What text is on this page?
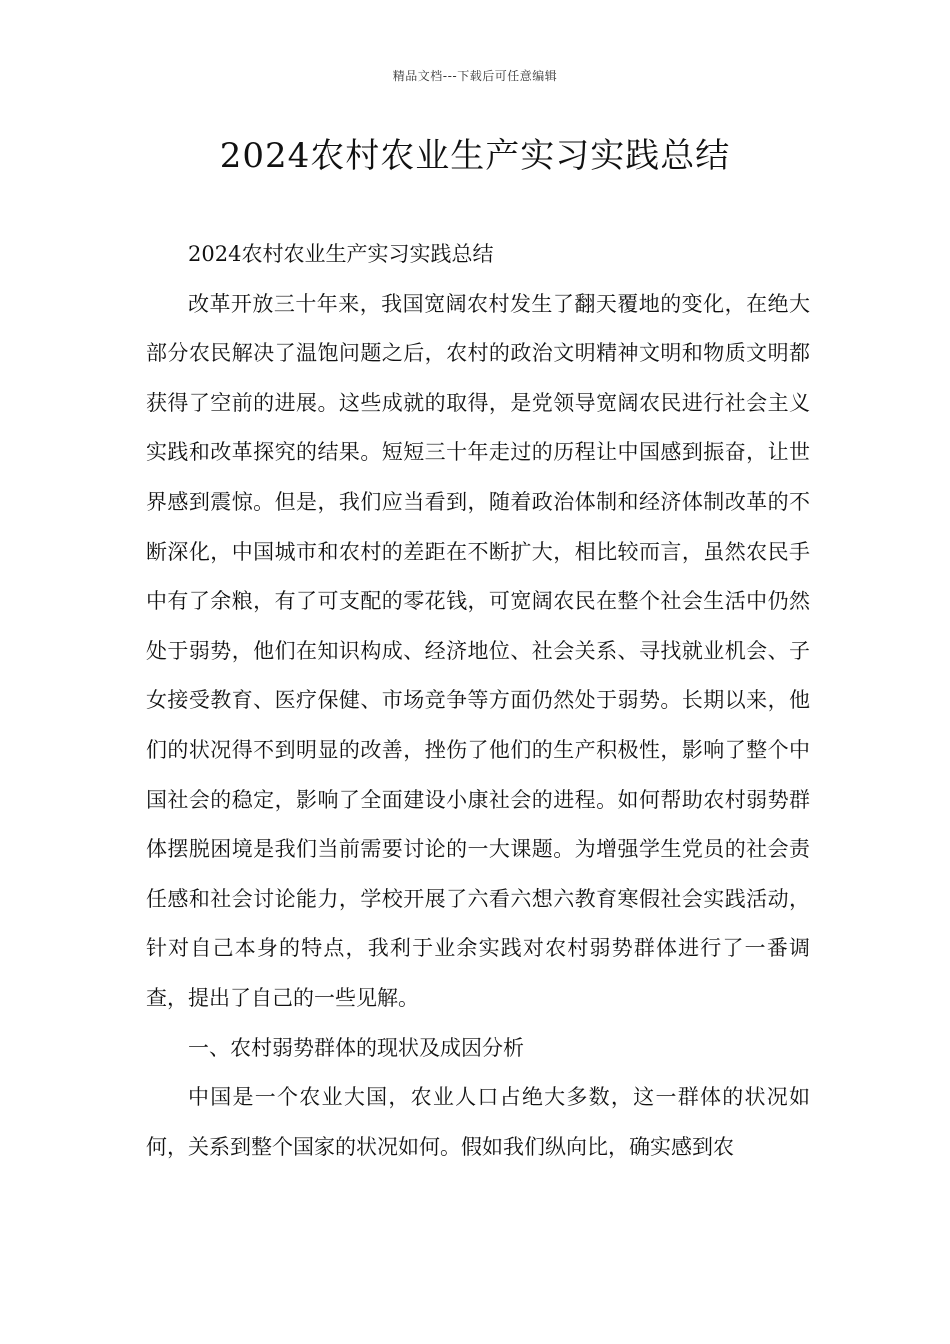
精品文档---下载后可任意编辑
2024农村农业生产实习实践总结

2024农村农业生产实习实践总结

改革开放三十年来，我国宽阔农村发生了翻天覆地的变化，在绝大部分农民解决了温饱问题之后，农村的政治文明精神文明和物质文明都获得了空前的进展。这些成就的取得，是党领导宽阔农民进行社会主义实践和改革探究的结果。短短三十年走过的历程让中国感到振奋，让世界感到震惊。但是，我们应当看到，随着政治体制和经济体制改革的不断深化，中国城市和农村的差距在不断扩大，相比较而言，虽然农民手中有了余粮，有了可支配的零花钱，可宽阔农民在整个社会生活中仍然处于弱势，他们在知识构成、经济地位、社会关系、寻找就业机会、子女接受教育、医疗保健、市场竞争等方面仍然处于弱势。长期以来，他们的状况得不到明显的改善，挫伤了他们的生产积极性，影响了整个中国社会的稳定，影响了全面建设小康社会的进程。如何帮助农村弱势群体摆脱困境是我们当前需要讨论的一大课题。为增强学生党员的社会责任感和社会讨论能力，学校开展了六看六想六教育寒假社会实践活动，针对自己本身的特点，我利于业余实践对农村弱势群体进行了一番调查，提出了自己的一些见解。

一、农村弱势群体的现状及成因分析

中国是一个农业大国，农业人口占绝大多数，这一群体的状况如何，关系到整个国家的状况如何。假如我们纵向比，确实感到农
